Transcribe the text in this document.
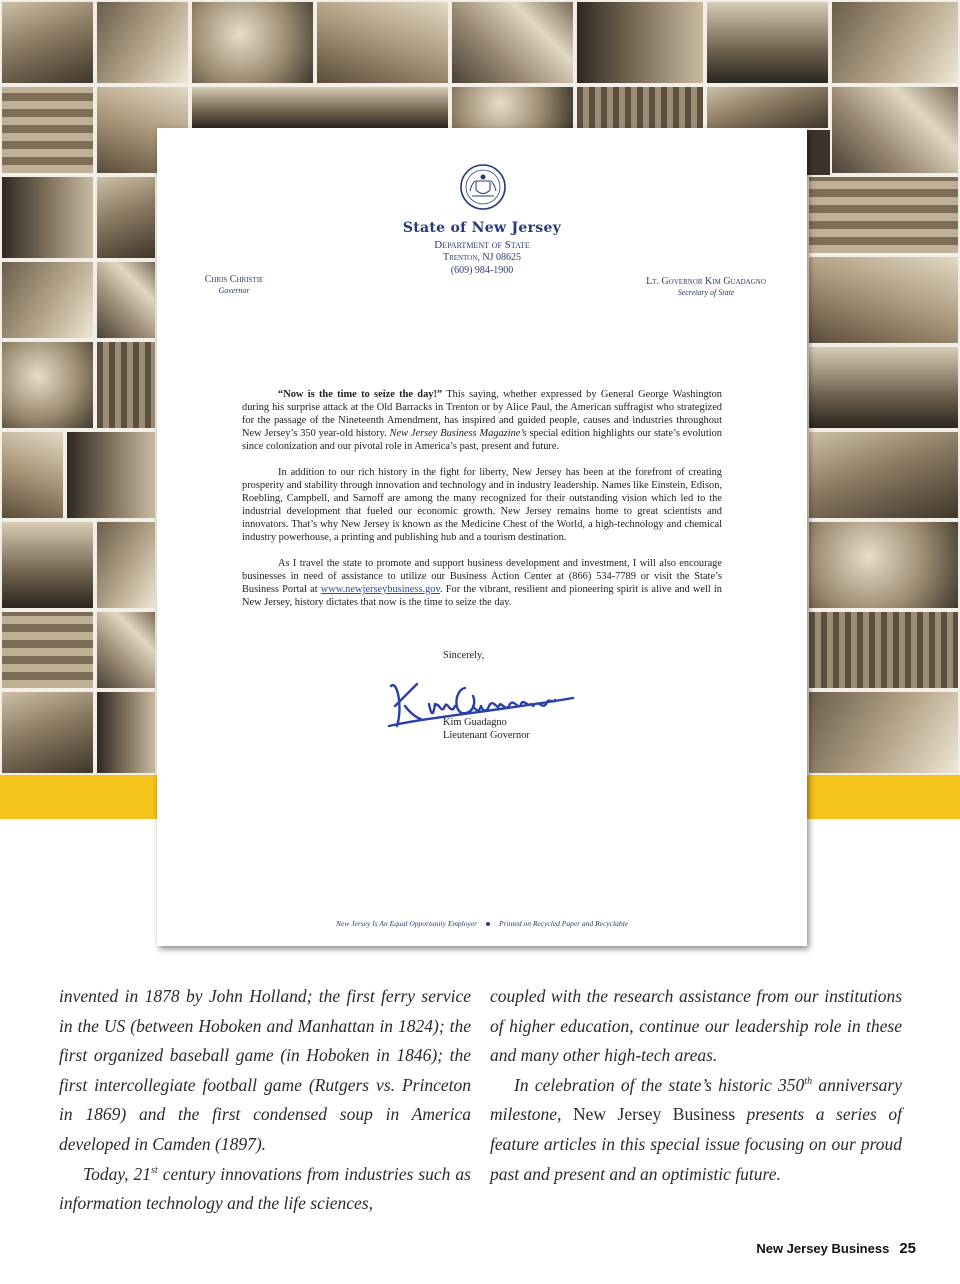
State of New Jersey
Department of State
Trenton, NJ 08625
(609) 984-1900
Chris Christie
Governor
Lt. Governor Kim Guadagno
Secretary of State

“Now is the time to seize the day!” This saying, whether expressed by General George Washington during his surprise attack at the Old Barracks in Trenton or by Alice Paul, the American suffragist who strategized for the passage of the Nineteenth Amendment, has inspired and guided people, causes and industries throughout New Jersey’s 350 year-old history. New Jersey Business Magazine’s special edition highlights our state’s evolution since colonization and our pivotal role in America’s past, present and future.

In addition to our rich history in the fight for liberty, New Jersey has been at the forefront of creating prosperity and stability through innovation and technology and in industry leadership. Names like Einstein, Edison, Roebling, Campbell, and Sarnoff are among the many recognized for their outstanding vision which led to the industrial development that fueled our economic growth. New Jersey remains home to great scientists and innovators. That’s why New Jersey is known as the Medicine Chest of the World, a high-technology and chemical industry powerhouse, a printing and publishing hub and a tourism destination.

As I travel the state to promote and support business development and investment, I will also encourage businesses in need of assistance to utilize our Business Action Center at (866) 534-7789 or visit the State’s Business Portal at www.newjerseybusiness.gov. For the vibrant, resilient and pioneering spirit is alive and well in New Jersey, history dictates that now is the time to seize the day.

Sincerely,
Kim Guadagno
Lieutenant Governor
New Jersey Is An Equal Opportunity Employer	Printed on Recycled Paper and Recyclable

invented in 1878 by John Holland; the first ferry service in the US (between Hoboken and Manhattan in 1824); the first organized baseball game (in Hoboken in 1846); the first intercollegiate football game (Rutgers vs. Princeton in 1869) and the first condensed soup in America developed in Camden (1897).

Today, 21st century innovations from industries such as information technology and the life sciences,

coupled with the research assistance from our institutions of higher education, continue our leadership role in these and many other high-tech areas.

In celebration of the state’s historic 350th anniversary milestone, New Jersey Business presents a series of feature articles in this special issue focusing on our proud past and present and an optimistic future.

New Jersey Business 25
